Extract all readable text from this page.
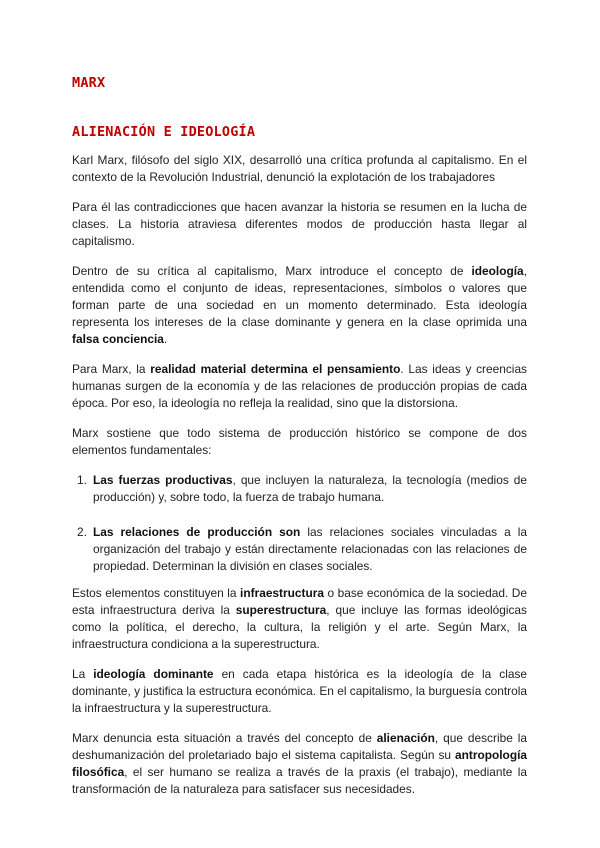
MARX
ALIENACIÓN E IDEOLOGÍA

Karl Marx, filósofo del siglo XIX, desarrolló una crítica profunda al capitalismo. En el contexto de la Revolución Industrial, denunció la explotación de los trabajadores

Para él las contradicciones que hacen avanzar la historia se resumen en la lucha de clases. La historia atraviesa diferentes modos de producción hasta llegar al capitalismo.

Dentro de su crítica al capitalismo, Marx introduce el concepto de ideología, entendida como el conjunto de ideas, representaciones, símbolos o valores que forman parte de una sociedad en un momento determinado. Esta ideología representa los intereses de la clase dominante y genera en la clase oprimida una falsa conciencia.

Para Marx, la realidad material determina el pensamiento. Las ideas y creencias humanas surgen de la economía y de las relaciones de producción propias de cada época. Por eso, la ideología no refleja la realidad, sino que la distorsiona.

Marx sostiene que todo sistema de producción histórico se compone de dos elementos fundamentales:

1. Las fuerzas productivas, que incluyen la naturaleza, la tecnología (medios de producción) y, sobre todo, la fuerza de trabajo humana.
2. Las relaciones de producción son las relaciones sociales vinculadas a la organización del trabajo y están directamente relacionadas con las relaciones de propiedad. Determinan la división en clases sociales.

Estos elementos constituyen la infraestructura o base económica de la sociedad. De esta infraestructura deriva la superestructura, que incluye las formas ideológicas como la política, el derecho, la cultura, la religión y el arte. Según Marx, la infraestructura condiciona a la superestructura.

La ideología dominante en cada etapa histórica es la ideología de la clase dominante, y justifica la estructura económica. En el capitalismo, la burguesía controla la infraestructura y la superestructura.

Marx denuncia esta situación a través del concepto de alienación, que describe la deshumanización del proletariado bajo el sistema capitalista. Según su antropología filosófica, el ser humano se realiza a través de la praxis (el trabajo), mediante la transformación de la naturaleza para satisfacer sus necesidades.
